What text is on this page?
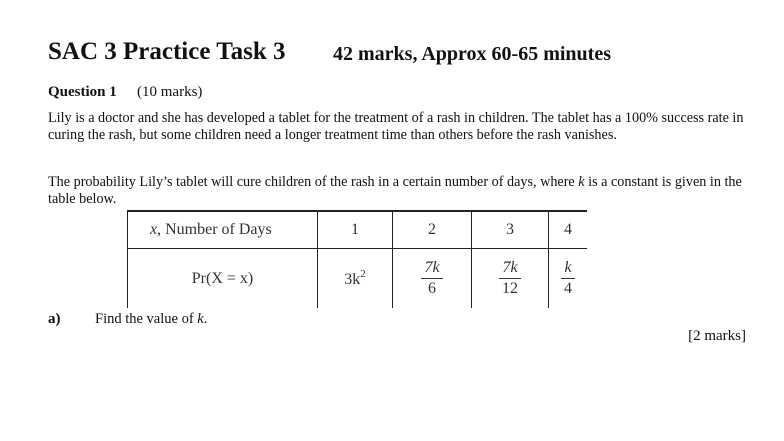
SAC 3 Practice Task 3 42 marks, Approx 60-65 minutes
Question 1 (10 marks)
Lily is a doctor and she has developed a tablet for the treatment of a rash in children. The tablet has a 100% success rate in curing the rash, but some children need a longer treatment time than others before the rash vanishes.
The probability Lily’s tablet will cure children of the rash in a certain number of days, where k is a constant is given in the table below.
x, Number of Days	1	2	3	4
Pr(X = x)	$3k^2$	$\frac{7k}{6}$	$\frac{7k}{12}$	$\frac{k}{4}$
a) Find the value of k.
[2 marks]
